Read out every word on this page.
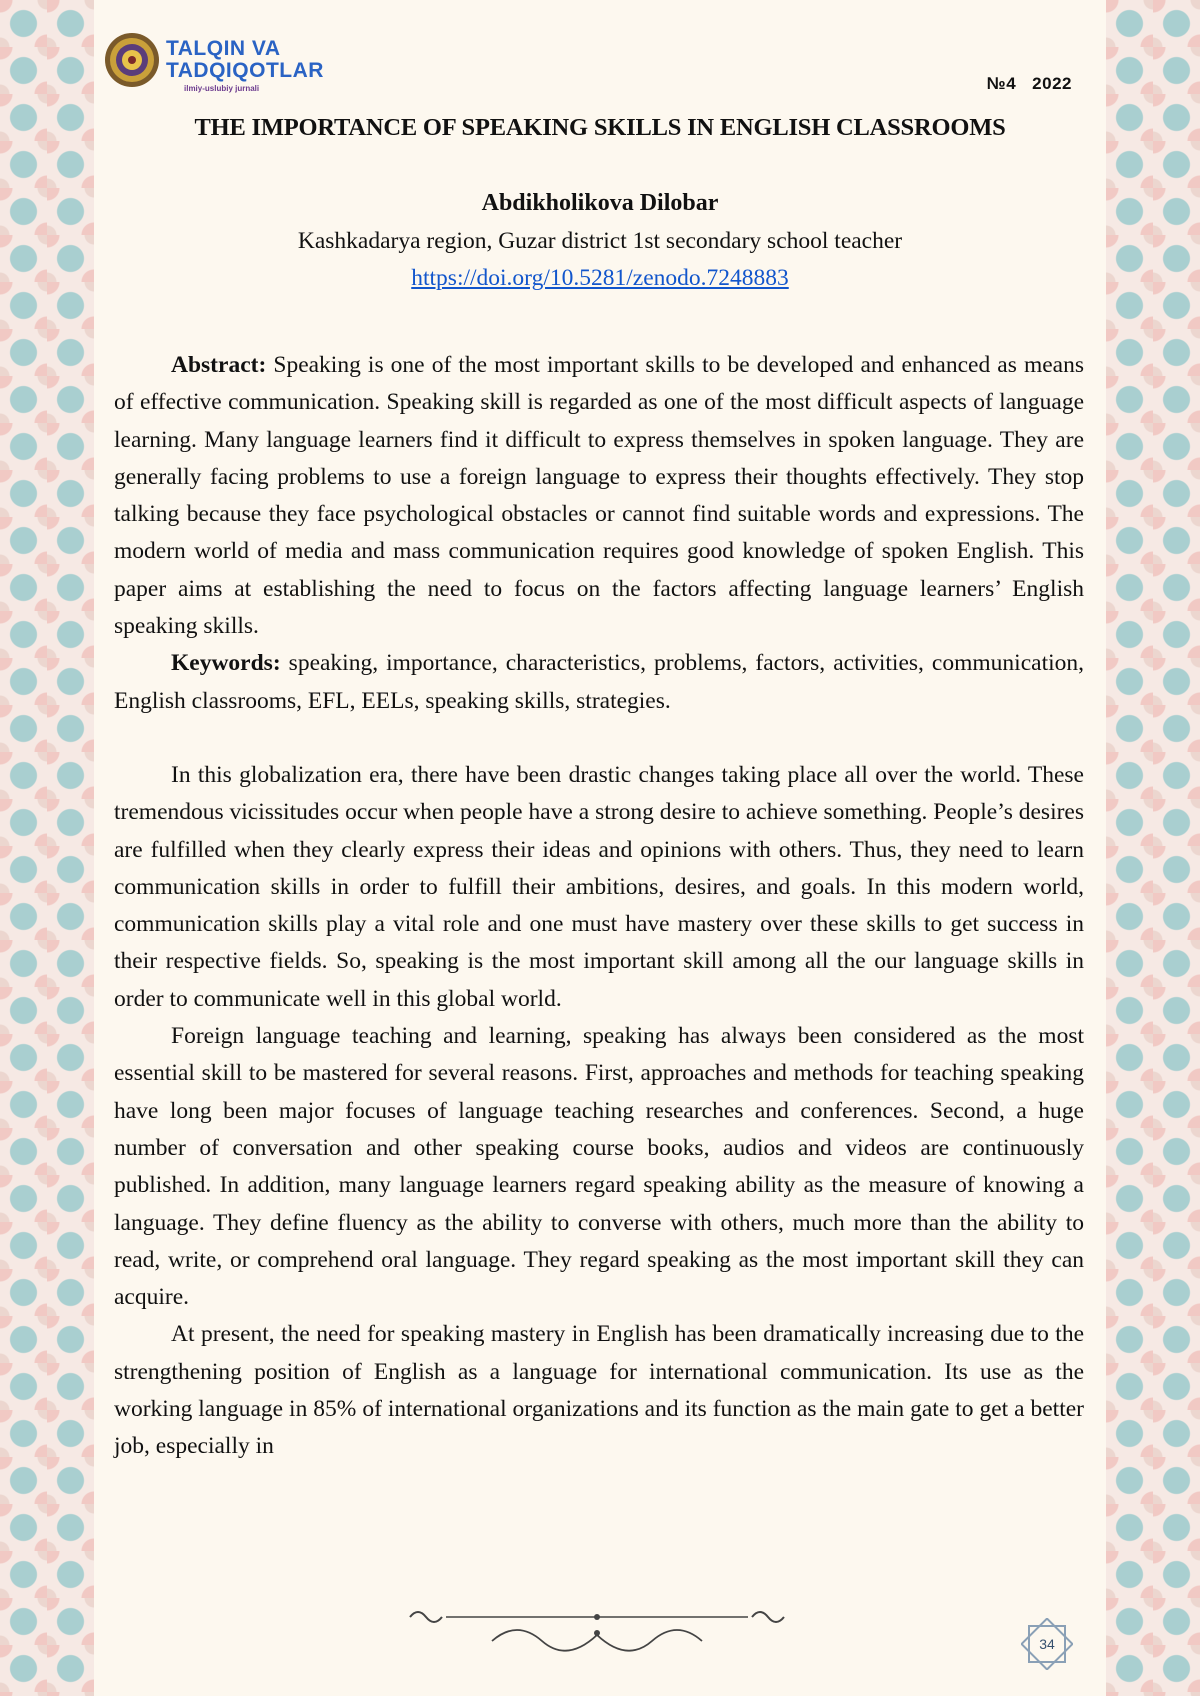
TALQIN VA
TADQIQOTLAR
ilmiy-uslubiy jurnali	№4 2022
THE IMPORTANCE OF SPEAKING SKILLS IN ENGLISH CLASSROOMS
Abdikholikova Dilobar
Kashkadarya region, Guzar district 1st secondary school teacher
https://doi.org/10.5281/zenodo.7248883

Abstract: Speaking is one of the most important skills to be developed and enhanced as means of effective communication. Speaking skill is regarded as one of the most difficult aspects of language learning. Many language learners find it difficult to express themselves in spoken language. They are generally facing problems to use a foreign language to express their thoughts effectively. They stop talking because they face psychological obstacles or cannot find suitable words and expressions. The modern world of media and mass communication requires good knowledge of spoken English. This paper aims at establishing the need to focus on the factors affecting language learners’ English speaking skills.

Keywords: speaking, importance, characteristics, problems, factors, activities, communication, English classrooms, EFL, EELs, speaking skills, strategies.

In this globalization era, there have been drastic changes taking place all over the world. These tremendous vicissitudes occur when people have a strong desire to achieve something. People’s desires are fulfilled when they clearly express their ideas and opinions with others. Thus, they need to learn communication skills in order to fulfill their ambitions, desires, and goals. In this modern world, communication skills play a vital role and one must have mastery over these skills to get success in their respective fields. So, speaking is the most important skill among all the our language skills in order to communicate well in this global world.

Foreign language teaching and learning, speaking has always been considered as the most essential skill to be mastered for several reasons. First, approaches and methods for teaching speaking have long been major focuses of language teaching researches and conferences. Second, a huge number of conversation and other speaking course books, audios and videos are continuously published. In addition, many language learners regard speaking ability as the measure of knowing a language. They define fluency as the ability to converse with others, much more than the ability to read, write, or comprehend oral language. They regard speaking as the most important skill they can acquire.

At present, the need for speaking mastery in English has been dramatically increasing due to the strengthening position of English as a language for international communication. Its use as the working language in 85% of international organizations and its function as the main gate to get a better job, especially in

34
